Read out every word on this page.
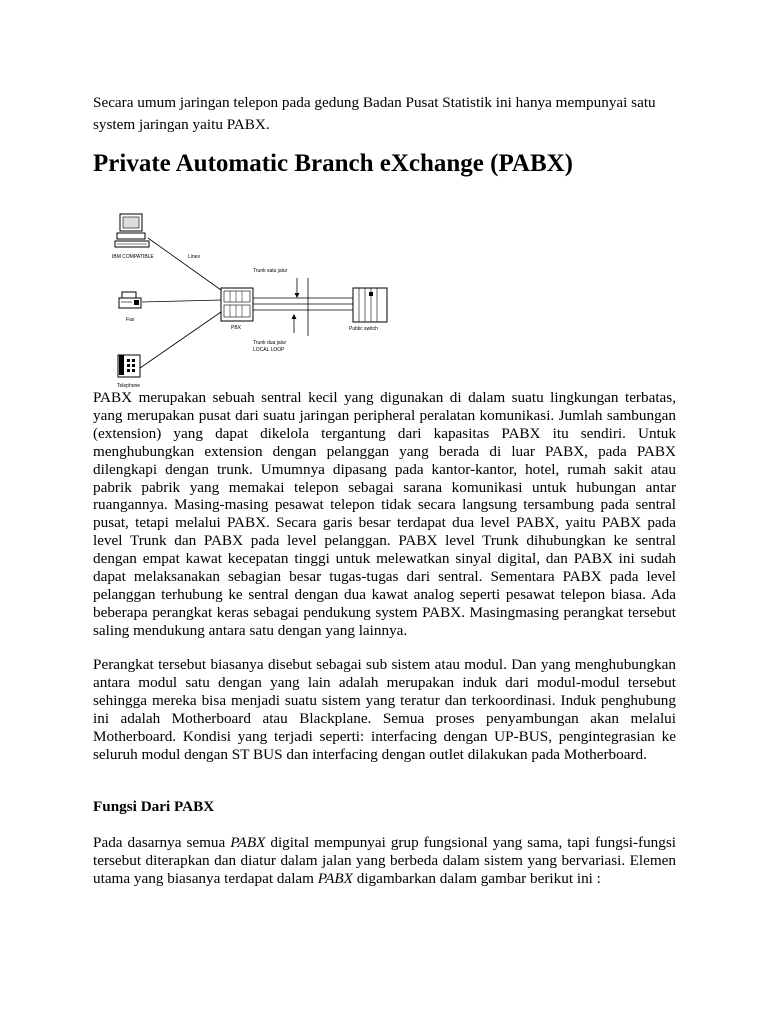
Secara umum jaringan telepon pada gedung Badan Pusat Statistik ini hanya mempunyai satu
system jaringan yaitu PABX.

Private Automatic Branch eXchange (PABX)
IBM COMPATIBLE
Fax
Telephone
Lines
PBX
Trunk satu jalur
Trunk dua jalur
LOCAL LOOP
Public switch

PABX merupakan sebuah sentral kecil yang digunakan di dalam suatu lingkungan terbatas, yang merupakan pusat dari suatu jaringan peripheral peralatan komunikasi. Jumlah sambungan (extension) yang dapat dikelola tergantung dari kapasitas PABX itu sendiri. Untuk menghubungkan extension dengan pelanggan yang berada di luar PABX, pada PABX dilengkapi dengan trunk. Umumnya dipasang pada kantor-kantor, hotel, rumah sakit atau pabrik pabrik yang memakai telepon sebagai sarana komunikasi untuk hubungan antar ruangannya. Masing-masing pesawat telepon tidak secara langsung tersambung pada sentral pusat, tetapi melalui PABX. Secara garis besar terdapat dua level PABX, yaitu PABX pada level Trunk dan PABX pada level pelanggan. PABX level Trunk dihubungkan ke sentral dengan empat kawat kecepatan tinggi untuk melewatkan sinyal digital, dan PABX ini sudah dapat melaksanakan sebagian besar tugas-tugas dari sentral. Sementara PABX pada level pelanggan terhubung ke sentral dengan dua kawat analog seperti pesawat telepon biasa. Ada beberapa perangkat keras sebagai pendukung system PABX. Masingmasing perangkat tersebut saling mendukung antara satu dengan yang lainnya.

Perangkat tersebut biasanya disebut sebagai sub sistem atau modul. Dan yang menghubungkan antara modul satu dengan yang lain adalah merupakan induk dari modul-modul tersebut sehingga mereka bisa menjadi suatu sistem yang teratur dan terkoordinasi. Induk penghubung ini adalah Motherboard atau Blackplane. Semua proses penyambungan akan melalui Motherboard. Kondisi yang terjadi seperti: interfacing dengan UP-BUS, pengintegrasian ke seluruh modul dengan ST BUS dan interfacing dengan outlet dilakukan pada Motherboard.

Fungsi Dari PABX

Pada dasarnya semua PABX digital mempunyai grup fungsional yang sama, tapi fungsi-fungsi tersebut diterapkan dan diatur dalam jalan yang berbeda dalam sistem yang bervariasi. Elemen utama yang biasanya terdapat dalam PABX digambarkan dalam gambar berikut ini :
